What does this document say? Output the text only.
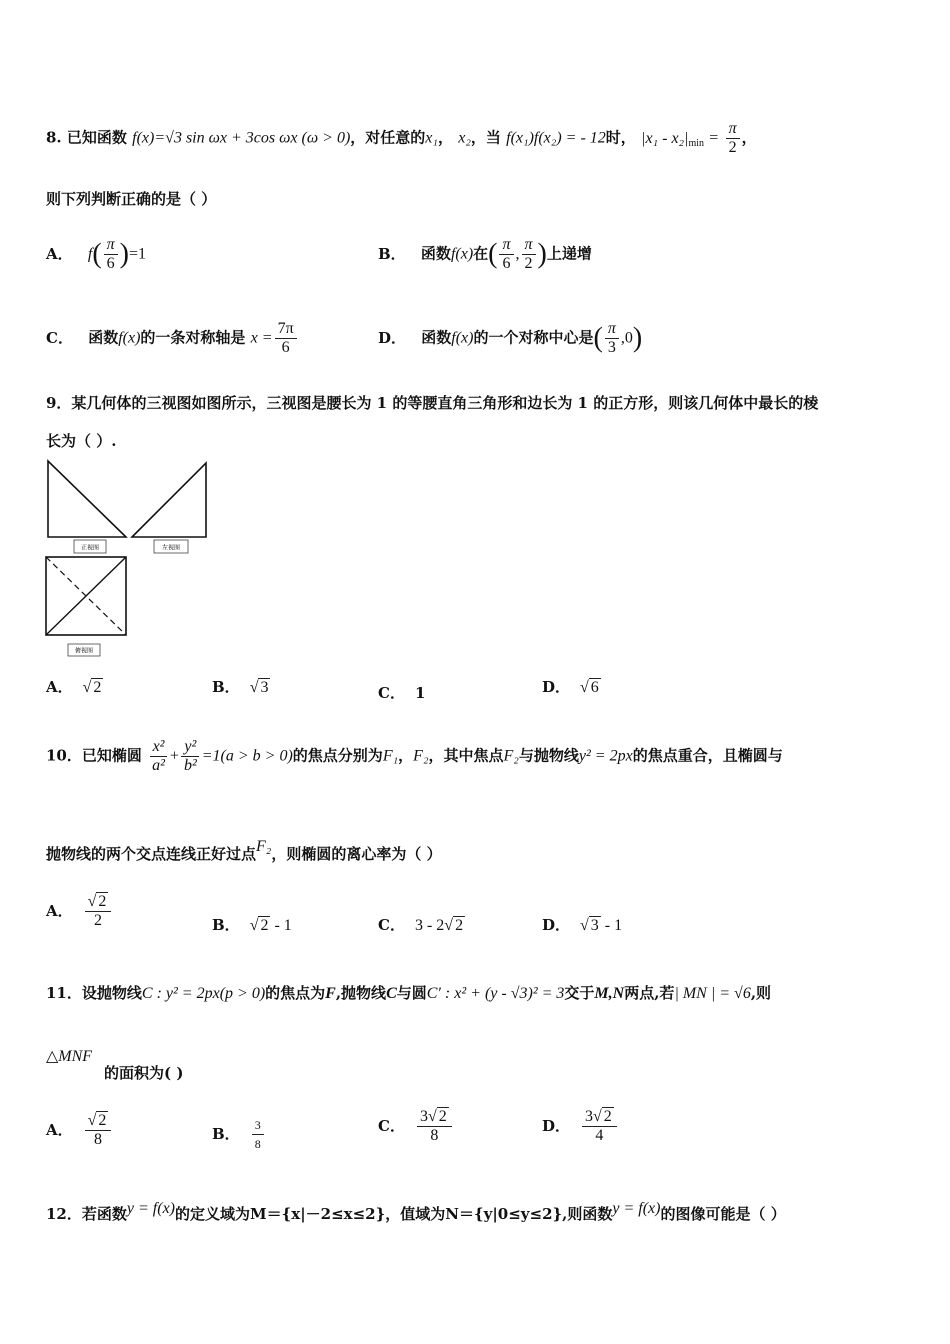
8. 已知函数 f(x)=√3 sin ωx + 3cos ωx (ω > 0)，对任意的x₁， x₂，当 f(x₁)f(x₂) = - 12时， $|x_1 - x_2|_{min} = \frac{\pi}{2}$ ，
则下列判断正确的是（ ）
A． $f( \frac{\pi}{6} )=1$	B． 函数f(x)在( $\frac{\pi}{6}$ , $\frac{\pi}{2}$ )上递增
C． 函数f(x)的一条对称轴是 $x = \frac{7\pi}{6}$	D． 函数f(x)的一个对称中心是( $\frac{\pi}{3} ,0$)
9．某几何体的三视图如图所示，三视图是腰长为 1 的等腰直角三角形和边长为 1 的正方形，则该几何体中最长的棱
长为（ ）.
正视图	左视图
俯视图
A． √ 2	B． √ 3	C． 1	D． √ 6
10．已知椭圆 $\frac{\text{x²}}{\text{a²}} + \frac{\text{y²}}{\text{b²}} =1(a > b > 0)$的焦点分别为F₁，F₂，其中焦点F₂与抛物线y² = 2px的焦点重合，且椭圆与
抛物线的两个交点连线正好过点F₂，则椭圆的离心率为（ ）
A． $\frac{√ 2}{2}$	B． √ 2 - 1	C． 3 - 2√ 2	D． √ 3 - 1
11．设抛物线C : y² = 2px(p > 0)的焦点为F,抛物线C与圆C′ : x² + (y - √3)² = 3交于M,N两点,若| MN | = √6,则
△MNF
的面积为( )
A． $\frac{√ 2}{8}$	B． $\frac{3}{8}$	C． $\frac{3√ 2}{8}$	D． $\frac{3√ 2}{4}$
12．若函数y = f(x)的定义域为M＝{x|－2≤x≤2}，值域为N＝{y|0≤y≤2},则函数y = f(x)的图像可能是（ ）
